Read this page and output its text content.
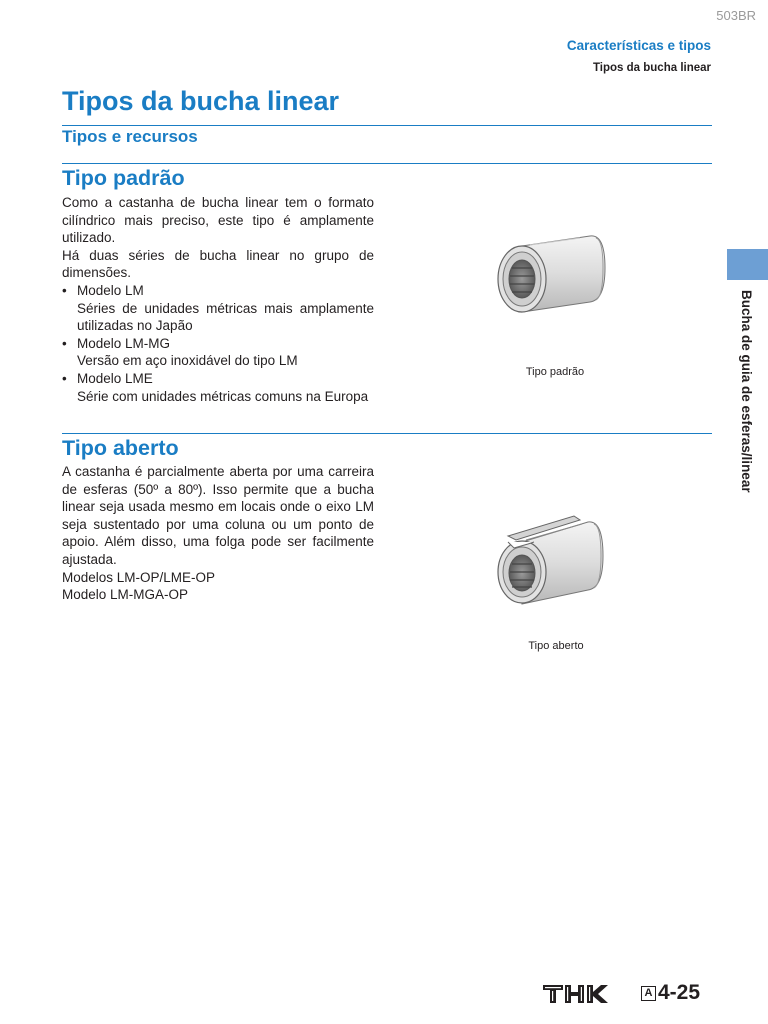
503BR
Características e tipos
Tipos da bucha linear
Tipos da bucha linear
Tipos e recursos
Tipo padrão

Como a castanha de bucha linear tem o formato cilíndrico mais preciso, este tipo é amplamente utilizado.

Há duas séries de bucha linear no grupo de dimensões.

• Modelo LM
Séries de unidades métricas mais amplamente utilizadas no Japão
• Modelo LM-MG
Versão em aço inoxidável do tipo LM
• Modelo LME
Série com unidades métricas comuns na Europa
Tipo padrão
Tipo aberto

A castanha é parcialmente aberta por uma carreira de esferas (50º a 80º). Isso permite que a bucha linear seja usada mesmo em locais onde o eixo LM seja sustentado por uma coluna ou um ponto de apoio. Além disso, uma folga pode ser facilmente ajustada.

Modelos LM-OP/LME-OP

Modelo LM-MGA-OP

Tipo aberto
Bucha de guia de esferas/linear
A 4-25
